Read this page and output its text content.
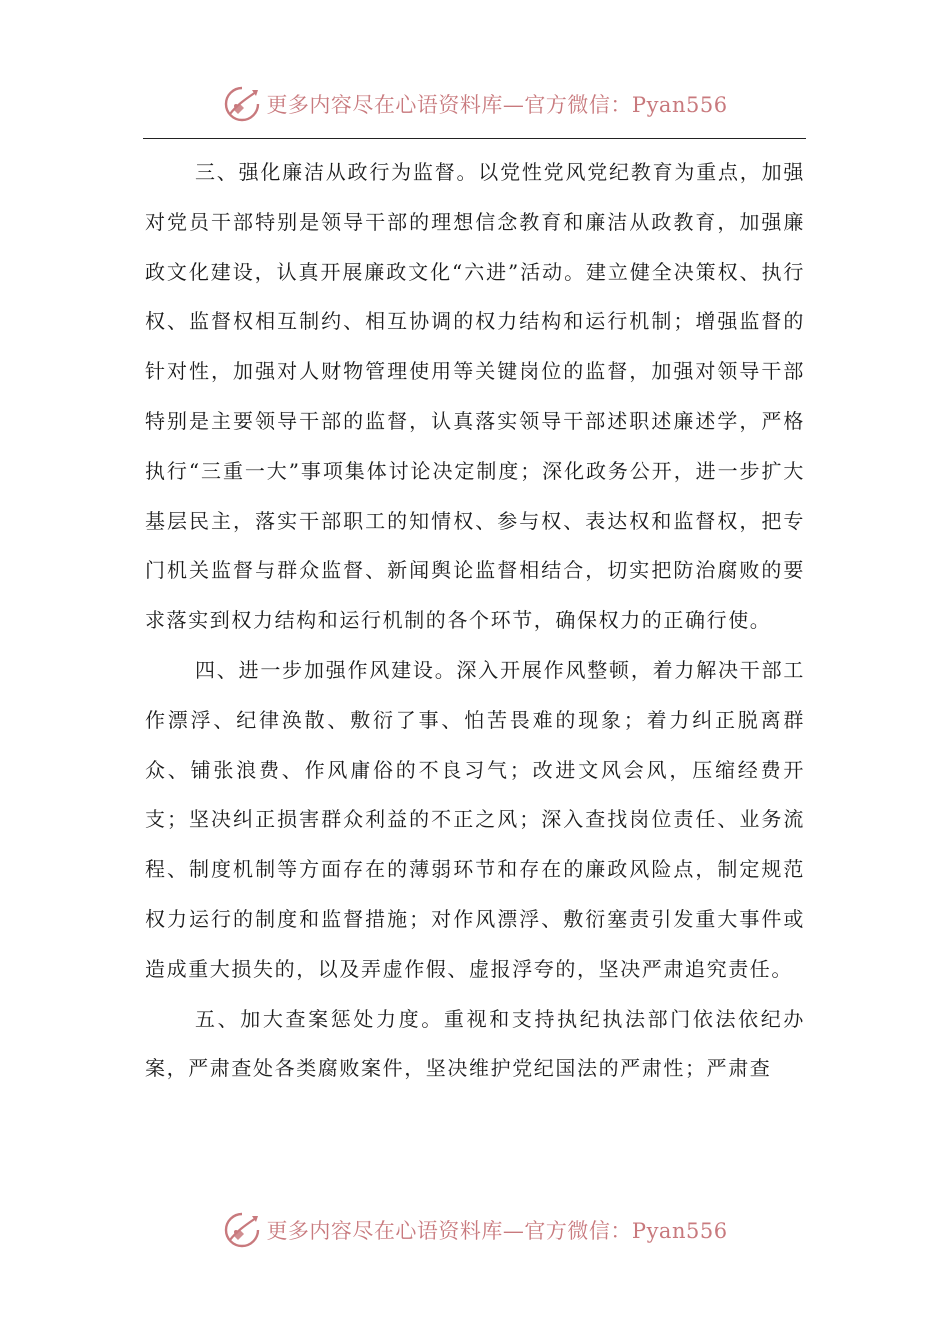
更多内容尽在心语资料库—官方微信：Pyan556

三、强化廉洁从政行为监督。以党性党风党纪教育为重点，加强对党员干部特别是领导干部的理想信念教育和廉洁从政教育，加强廉政文化建设，认真开展廉政文化“六进”活动。建立健全决策权、执行权、监督权相互制约、相互协调的权力结构和运行机制；增强监督的针对性，加强对人财物管理使用等关键岗位的监督，加强对领导干部特别是主要领导干部的监督，认真落实领导干部述职述廉述学，严格执行“三重一大”事项集体讨论决定制度；深化政务公开，进一步扩大基层民主，落实干部职工的知情权、参与权、表达权和监督权，把专门机关监督与群众监督、新闻舆论监督相结合，切实把防治腐败的要求落实到权力结构和运行机制的各个环节，确保权力的正确行使。

四、进一步加强作风建设。深入开展作风整顿，着力解决干部工作漂浮、纪律涣散、敷衍了事、怕苦畏难的现象；着力纠正脱离群众、铺张浪费、作风庸俗的不良习气；改进文风会风，压缩经费开支；坚决纠正损害群众利益的不正之风；深入查找岗位责任、业务流程、制度机制等方面存在的薄弱环节和存在的廉政风险点，制定规范权力运行的制度和监督措施；对作风漂浮、敷衍塞责引发重大事件或造成重大损失的，以及弄虚作假、虚报浮夸的，坚决严肃追究责任。

五、加大查案惩处力度。重视和支持执纪执法部门依法依纪办案，严肃查处各类腐败案件，坚决维护党纪国法的严肃性；严肃查

更多内容尽在心语资料库—官方微信：Pyan556
